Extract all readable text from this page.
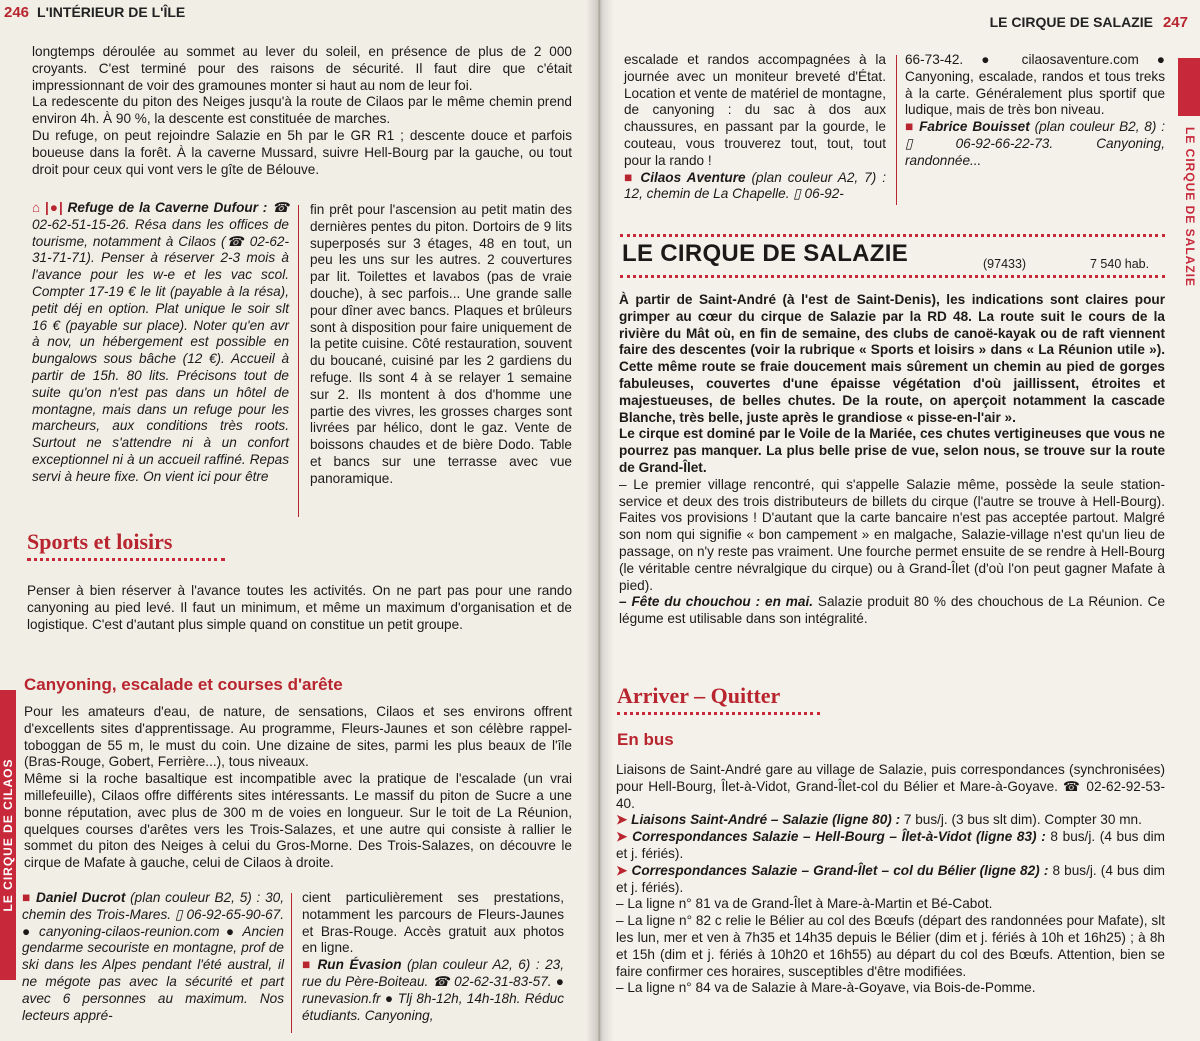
246 L'INTÉRIEUR DE L'ÎLE

longtemps déroulée au sommet au lever du soleil, en présence de plus de 2 000 croyants. C'est terminé pour des raisons de sécurité. Il faut dire que c'était impressionnant de voir des gramounes monter si haut au nom de leur foi.

La redescente du piton des Neiges jusqu'à la route de Cilaos par le même chemin prend environ 4h. À 90 %, la descente est constituée de marches.

Du refuge, on peut rejoindre Salazie en 5h par le GR R1 ; descente douce et parfois boueuse dans la forêt. À la caverne Mussard, suivre Hell-Bourg par la gauche, ou tout droit pour ceux qui vont vers le gîte de Bélouve.

⌂ |●| Refuge de la Caverne Dufour : ☎ 02-62-51-15-26. Résa dans les offices de tourisme, notamment à Cilaos (☎ 02-62-31-71-71). Penser à réserver 2-3 mois à l'avance pour les w-e et les vac scol. Compter 17-19 € le lit (payable à la résa), petit déj en option. Plat unique le soir slt 16 € (payable sur place). Noter qu'en avr à nov, un hébergement est possible en bungalows sous bâche (12 €). Accueil à partir de 15h. 80 lits. Précisons tout de suite qu'on n'est pas dans un hôtel de montagne, mais dans un refuge pour les marcheurs, aux conditions très roots. Surtout ne s'attendre ni à un confort exceptionnel ni à un accueil raffiné. Repas servi à heure fixe. On vient ici pour être

fin prêt pour l'ascension au petit matin des dernières pentes du piton. Dortoirs de 9 lits superposés sur 3 étages, 48 en tout, un peu les uns sur les autres. 2 couvertures par lit. Toilettes et lavabos (pas de vraie douche), à sec parfois... Une grande salle pour dîner avec bancs. Plaques et brûleurs sont à disposition pour faire uniquement de la petite cuisine. Côté restauration, souvent du boucané, cuisiné par les 2 gardiens du refuge. Ils sont 4 à se relayer 1 semaine sur 2. Ils montent à dos d'homme une partie des vivres, les grosses charges sont livrées par hélico, dont le gaz. Vente de boissons chaudes et de bière Dodo. Table et bancs sur une terrasse avec vue panoramique.

Sports et loisirs

Penser à bien réserver à l'avance toutes les activités. On ne part pas pour une rando canyoning au pied levé. Il faut un minimum, et même un maximum d'organisation et de logistique. C'est d'autant plus simple quand on constitue un petit groupe.

Canyoning, escalade et courses d'arête

Pour les amateurs d'eau, de nature, de sensations, Cilaos et ses environs offrent d'excellents sites d'apprentissage. Au programme, Fleurs-Jaunes et son célèbre rappel-toboggan de 55 m, le must du coin. Une dizaine de sites, parmi les plus beaux de l'île (Bras-Rouge, Gobert, Ferrière...), tous niveaux.

Même si la roche basaltique est incompatible avec la pratique de l'escalade (un vrai millefeuille), Cilaos offre différents sites intéressants. Le massif du piton de Sucre a une bonne réputation, avec plus de 300 m de voies en longueur. Sur le toit de La Réunion, quelques courses d'arêtes vers les Trois-Salazes, et une autre qui consiste à rallier le sommet du piton des Neiges à celui du Gros-Morne. Des Trois-Salazes, on découvre le cirque de Mafate à gauche, celui de Cilaos à droite.

■ Daniel Ducrot (plan couleur B2, 5) : 30, chemin des Trois-Mares. ▯ 06-92-65-90-67. ● canyoning-cilaos-reunion.com ● Ancien gendarme secouriste en montagne, prof de ski dans les Alpes pendant l'été austral, il ne mégote pas avec la sécurité et part avec 6 personnes au maximum. Nos lecteurs appré-

cient particulièrement ses prestations, notamment les parcours de Fleurs-Jaunes et Bras-Rouge. Accès gratuit aux photos en ligne.

■ Run Évasion (plan couleur A2, 6) : 23, rue du Père-Boiteau. ☎ 02-62-31-83-57. ● runevasion.fr ● Tlj 8h-12h, 14h-18h. Réduc étudiants. Canyoning,

LE CIRQUE DE CILAOS
LE CIRQUE DE SALAZIE 247
LE CIRQUE DE SALAZIE

escalade et randos accompagnées à la journée avec un moniteur breveté d'État. Location et vente de matériel de montagne, de canyoning : du sac à dos aux chaussures, en passant par la gourde, le couteau, vous trouverez tout, tout, tout pour la rando !

■ Cilaos Aventure (plan couleur A2, 7) : 12, chemin de La Chapelle. ▯ 06-92-

66-73-42. ● cilaosaventure.com ● Canyoning, escalade, randos et tous treks à la carte. Généralement plus sportif que ludique, mais de très bon niveau.

■ Fabrice Bouisset (plan couleur B2, 8) : ▯ 06-92-66-22-73. Canyoning, randonnée...

LE CIRQUE DE SALAZIE	(97433)	7 540 hab.

À partir de Saint-André (à l'est de Saint-Denis), les indications sont claires pour grimper au cœur du cirque de Salazie par la RD 48. La route suit le cours de la rivière du Mât où, en fin de semaine, des clubs de canoë-kayak ou de raft viennent faire des descentes (voir la rubrique « Sports et loisirs » dans « La Réunion utile »). Cette même route se fraie doucement mais sûrement un chemin au pied de gorges fabuleuses, couvertes d'une épaisse végétation d'où jaillissent, étroites et majestueuses, de belles chutes. De la route, on aperçoit notamment la cascade Blanche, très belle, juste après le grandiose « pisse-en-l'air ».

Le cirque est dominé par le Voile de la Mariée, ces chutes vertigineuses que vous ne pourrez pas manquer. La plus belle prise de vue, selon nous, se trouve sur la route de Grand-Îlet.

– Le premier village rencontré, qui s'appelle Salazie même, possède la seule station-service et deux des trois distributeurs de billets du cirque (l'autre se trouve à Hell-Bourg). Faites vos provisions ! D'autant que la carte bancaire n'est pas acceptée partout. Malgré son nom qui signifie « bon campement » en malgache, Salazie-village n'est qu'un lieu de passage, on n'y reste pas vraiment. Une fourche permet ensuite de se rendre à Hell-Bourg (le véritable centre névralgique du cirque) ou à Grand-Îlet (d'où l'on peut gagner Mafate à pied).

– Fête du chouchou : en mai. Salazie produit 80 % des chouchous de La Réunion. Ce légume est utilisable dans son intégralité.

Arriver – Quitter
En bus

Liaisons de Saint-André gare au village de Salazie, puis correspondances (synchronisées) pour Hell-Bourg, Îlet-à-Vidot, Grand-Îlet-col du Bélier et Mare-à-Goyave. ☎ 02-62-92-53-40.

➤ Liaisons Saint-André – Salazie (ligne 80) : 7 bus/j. (3 bus slt dim). Compter 30 mn.

➤ Correspondances Salazie – Hell-Bourg – Îlet-à-Vidot (ligne 83) : 8 bus/j. (4 bus dim et j. fériés).

➤ Correspondances Salazie – Grand-Îlet – col du Bélier (ligne 82) : 8 bus/j. (4 bus dim et j. fériés).

– La ligne n° 81 va de Grand-Îlet à Mare-à-Martin et Bé-Cabot.

– La ligne n° 82 c relie le Bélier au col des Bœufs (départ des randonnées pour Mafate), slt les lun, mer et ven à 7h35 et 14h35 depuis le Bélier (dim et j. fériés à 10h et 16h25) ; à 8h et 15h (dim et j. fériés à 10h20 et 16h55) au départ du col des Bœufs. Attention, bien se faire confirmer ces horaires, susceptibles d'être modifiées.

– La ligne n° 84 va de Salazie à Mare-à-Goyave, via Bois-de-Pomme.
